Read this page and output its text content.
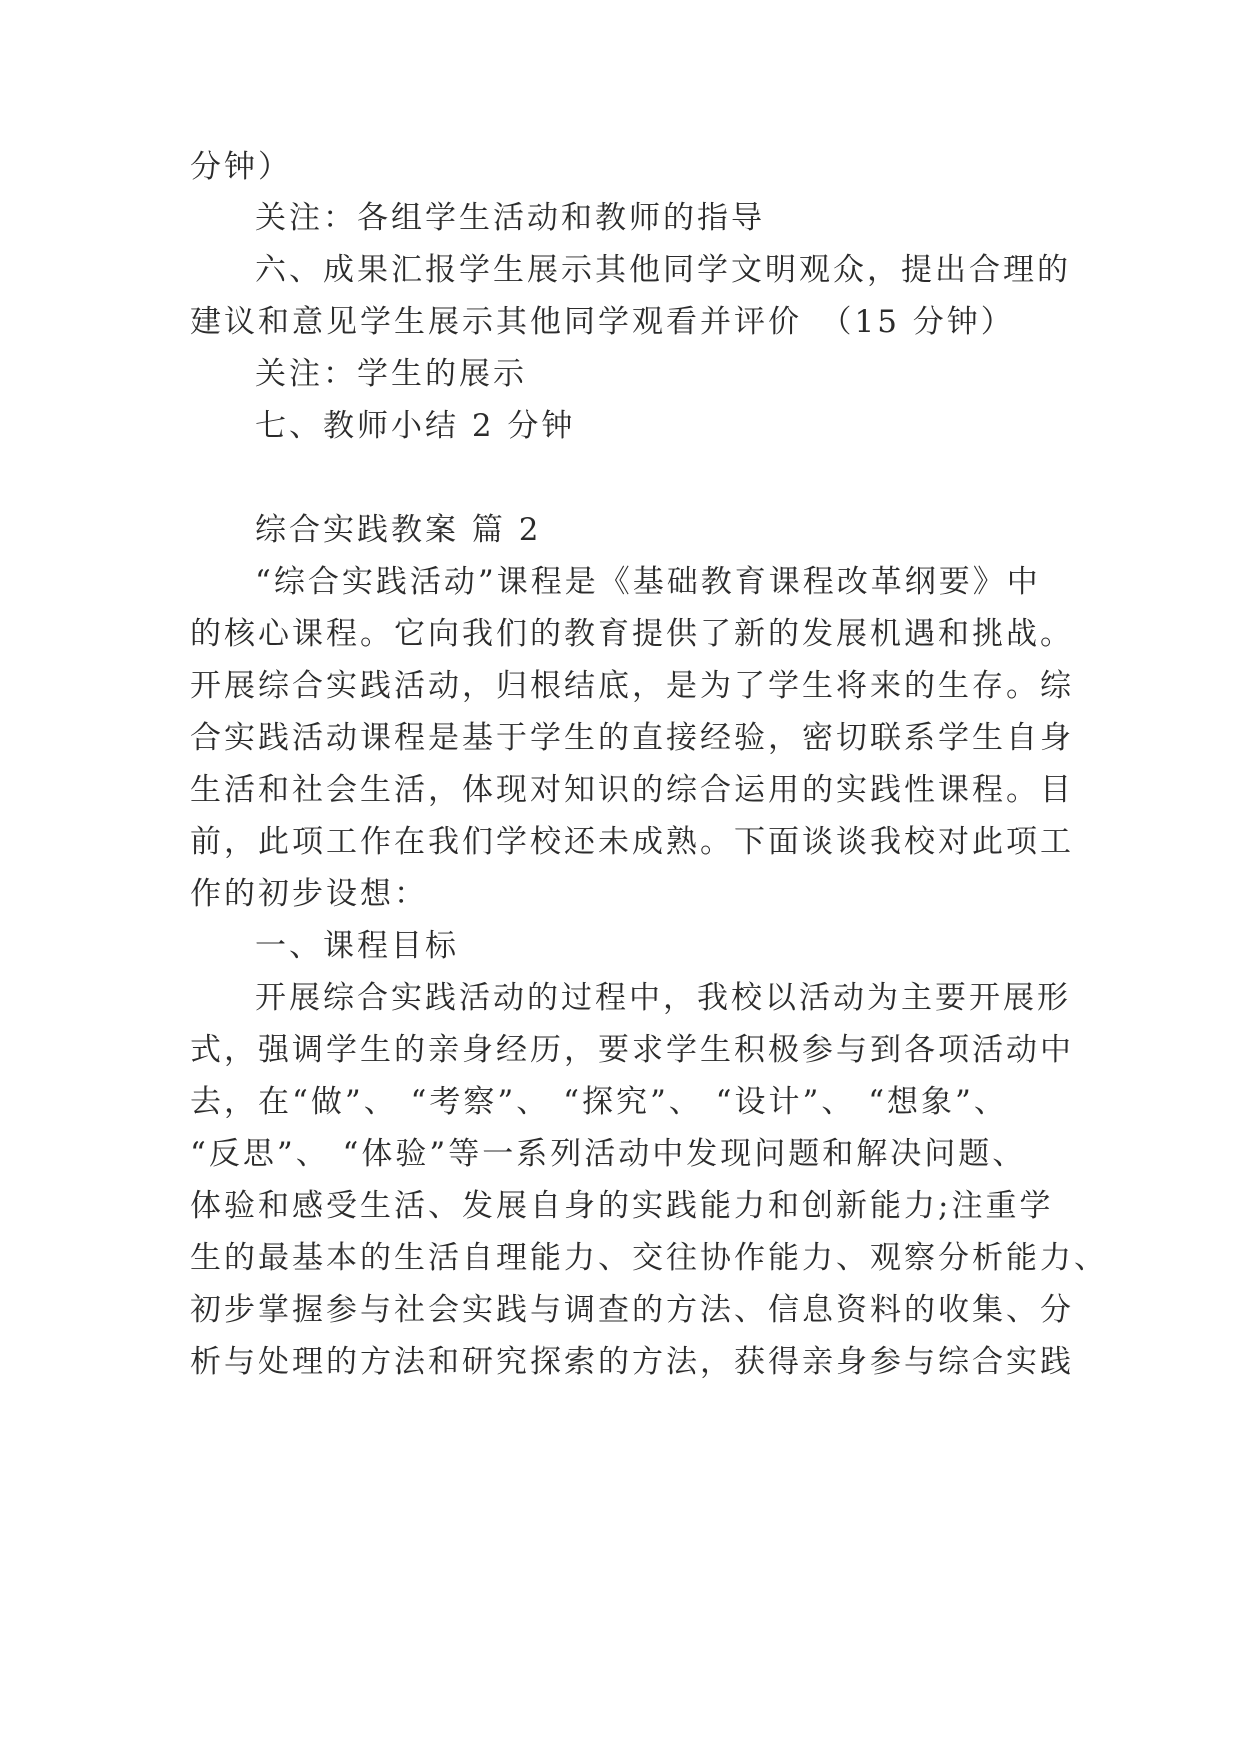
分钟）
关注：各组学生活动和教师的指导
六、成果汇报学生展示其他同学文明观众，提出合理的
建议和意见学生展示其他同学观看并评价　（15 分钟）
关注：学生的展示
七、教师小结 2 分钟
综合实践教案 篇 2
“综合实践活动”课程是《基础教育课程改革纲要》中
的核心课程。它向我们的教育提供了新的发展机遇和挑战。
开展综合实践活动，归根结底，是为了学生将来的生存。综
合实践活动课程是基于学生的直接经验，密切联系学生自身
生活和社会生活，体现对知识的综合运用的实践性课程。目
前，此项工作在我们学校还未成熟。下面谈谈我校对此项工
作的初步设想：
一、课程目标
开展综合实践活动的过程中，我校以活动为主要开展形
式，强调学生的亲身经历，要求学生积极参与到各项活动中
去，在“做”、 “考察”、 “探究”、 “设计”、 “想象”、
“反思”、 “体验”等一系列活动中发现问题和解决问题、
体验和感受生活、发展自身的实践能力和创新能力;注重学
生的最基本的生活自理能力、交往协作能力、观察分析能力、
初步掌握参与社会实践与调查的方法、信息资料的收集、分
析与处理的方法和研究探索的方法，获得亲身参与综合实践
